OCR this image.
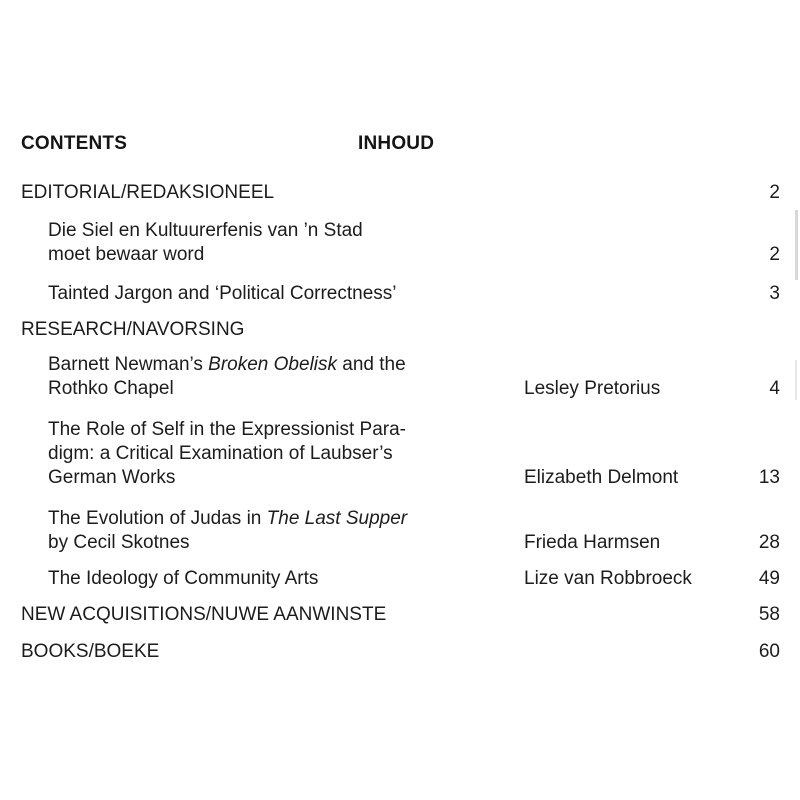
CONTENTS	INHOUD
EDITORIAL/REDAKSIONEEL	2
Die Siel en Kultuurerfenis van ’n Stad
moet bewaar word	2
Tainted Jargon and ‘Political Correctness’	3
RESEARCH/NAVORSING
Barnett Newman’s Broken Obelisk and the
Rothko Chapel	Lesley Pretorius	4
The Role of Self in the Expressionist Para-
digm: a Critical Examination of Laubser’s
German Works	Elizabeth Delmont	13
The Evolution of Judas in The Last Supper
by Cecil Skotnes	Frieda Harmsen	28
The Ideology of Community Arts	Lize van Robbroeck	49
NEW ACQUISITIONS/NUWE AANWINSTE	58
BOOKS/BOEKE	60
